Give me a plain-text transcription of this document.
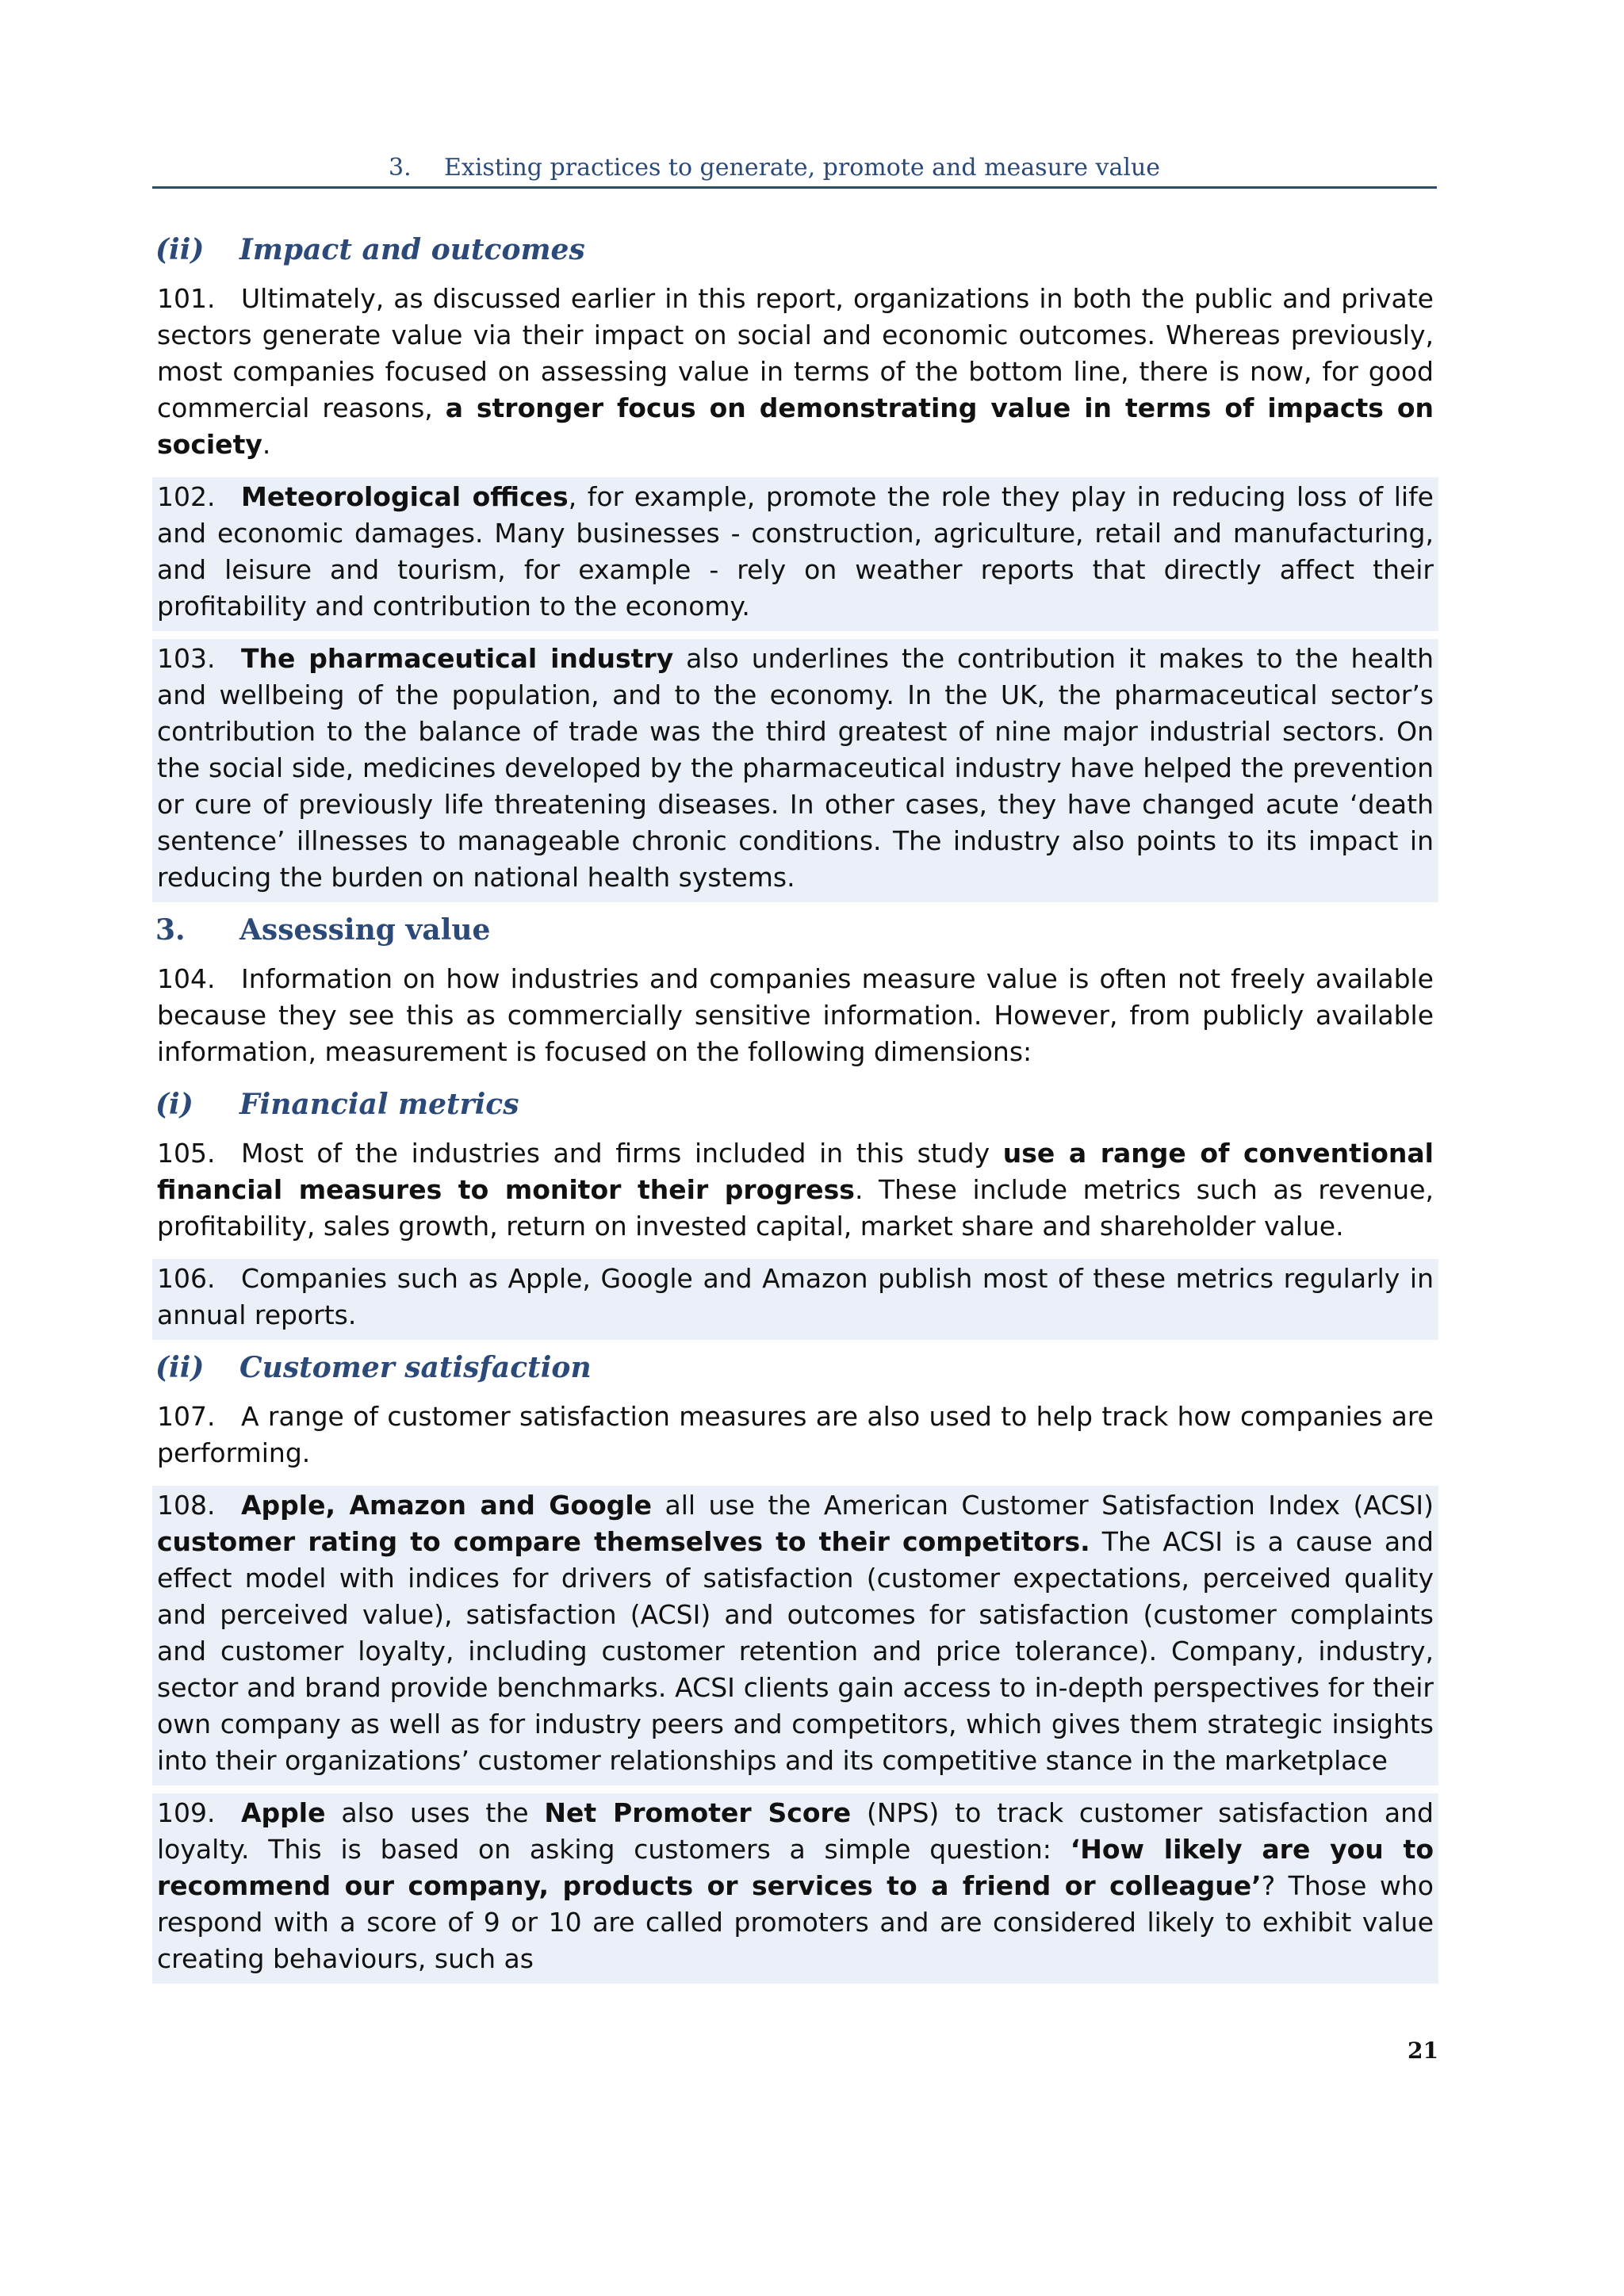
3. Existing practices to generate, promote and measure value
(ii) Impact and outcomes
101. Ultimately, as discussed earlier in this report, organizations in both the public and private sectors generate value via their impact on social and economic outcomes. Whereas previously, most companies focused on assessing value in terms of the bottom line, there is now, for good commercial reasons, a stronger focus on demonstrating value in terms of impacts on society.
102. Meteorological offices, for example, promote the role they play in reducing loss of life and economic damages. Many businesses - construction, agriculture, retail and manufacturing, and leisure and tourism, for example - rely on weather reports that directly affect their profitability and contribution to the economy.
103. The pharmaceutical industry also underlines the contribution it makes to the health and wellbeing of the population, and to the economy. In the UK, the pharmaceutical sector’s contribution to the balance of trade was the third greatest of nine major industrial sectors. On the social side, medicines developed by the pharmaceutical industry have helped the prevention or cure of previously life threatening diseases. In other cases, they have changed acute ‘death sentence’ illnesses to manageable chronic conditions. The industry also points to its impact in reducing the burden on national health systems.
3. Assessing value
104. Information on how industries and companies measure value is often not freely available because they see this as commercially sensitive information. However, from publicly available information, measurement is focused on the following dimensions:
(i) Financial metrics
105. Most of the industries and firms included in this study use a range of conventional financial measures to monitor their progress. These include metrics such as revenue, profitability, sales growth, return on invested capital, market share and shareholder value.
106. Companies such as Apple, Google and Amazon publish most of these metrics regularly in annual reports.
(ii) Customer satisfaction
107. A range of customer satisfaction measures are also used to help track how companies are performing.
108. Apple, Amazon and Google all use the American Customer Satisfaction Index (ACSI) customer rating to compare themselves to their competitors. The ACSI is a cause and effect model with indices for drivers of satisfaction (customer expectations, perceived quality and perceived value), satisfaction (ACSI) and outcomes for satisfaction (customer complaints and customer loyalty, including customer retention and price tolerance). Company, industry, sector and brand provide benchmarks. ACSI clients gain access to in-depth perspectives for their own company as well as for industry peers and competitors, which gives them strategic insights into their organizations’ customer relationships and its competitive stance in the marketplace
109. Apple also uses the Net Promoter Score (NPS) to track customer satisfaction and loyalty. This is based on asking customers a simple question: ‘How likely are you to recommend our company, products or services to a friend or colleague’? Those who respond with a score of 9 or 10 are called promoters and are considered likely to exhibit value creating behaviours, such as
21
